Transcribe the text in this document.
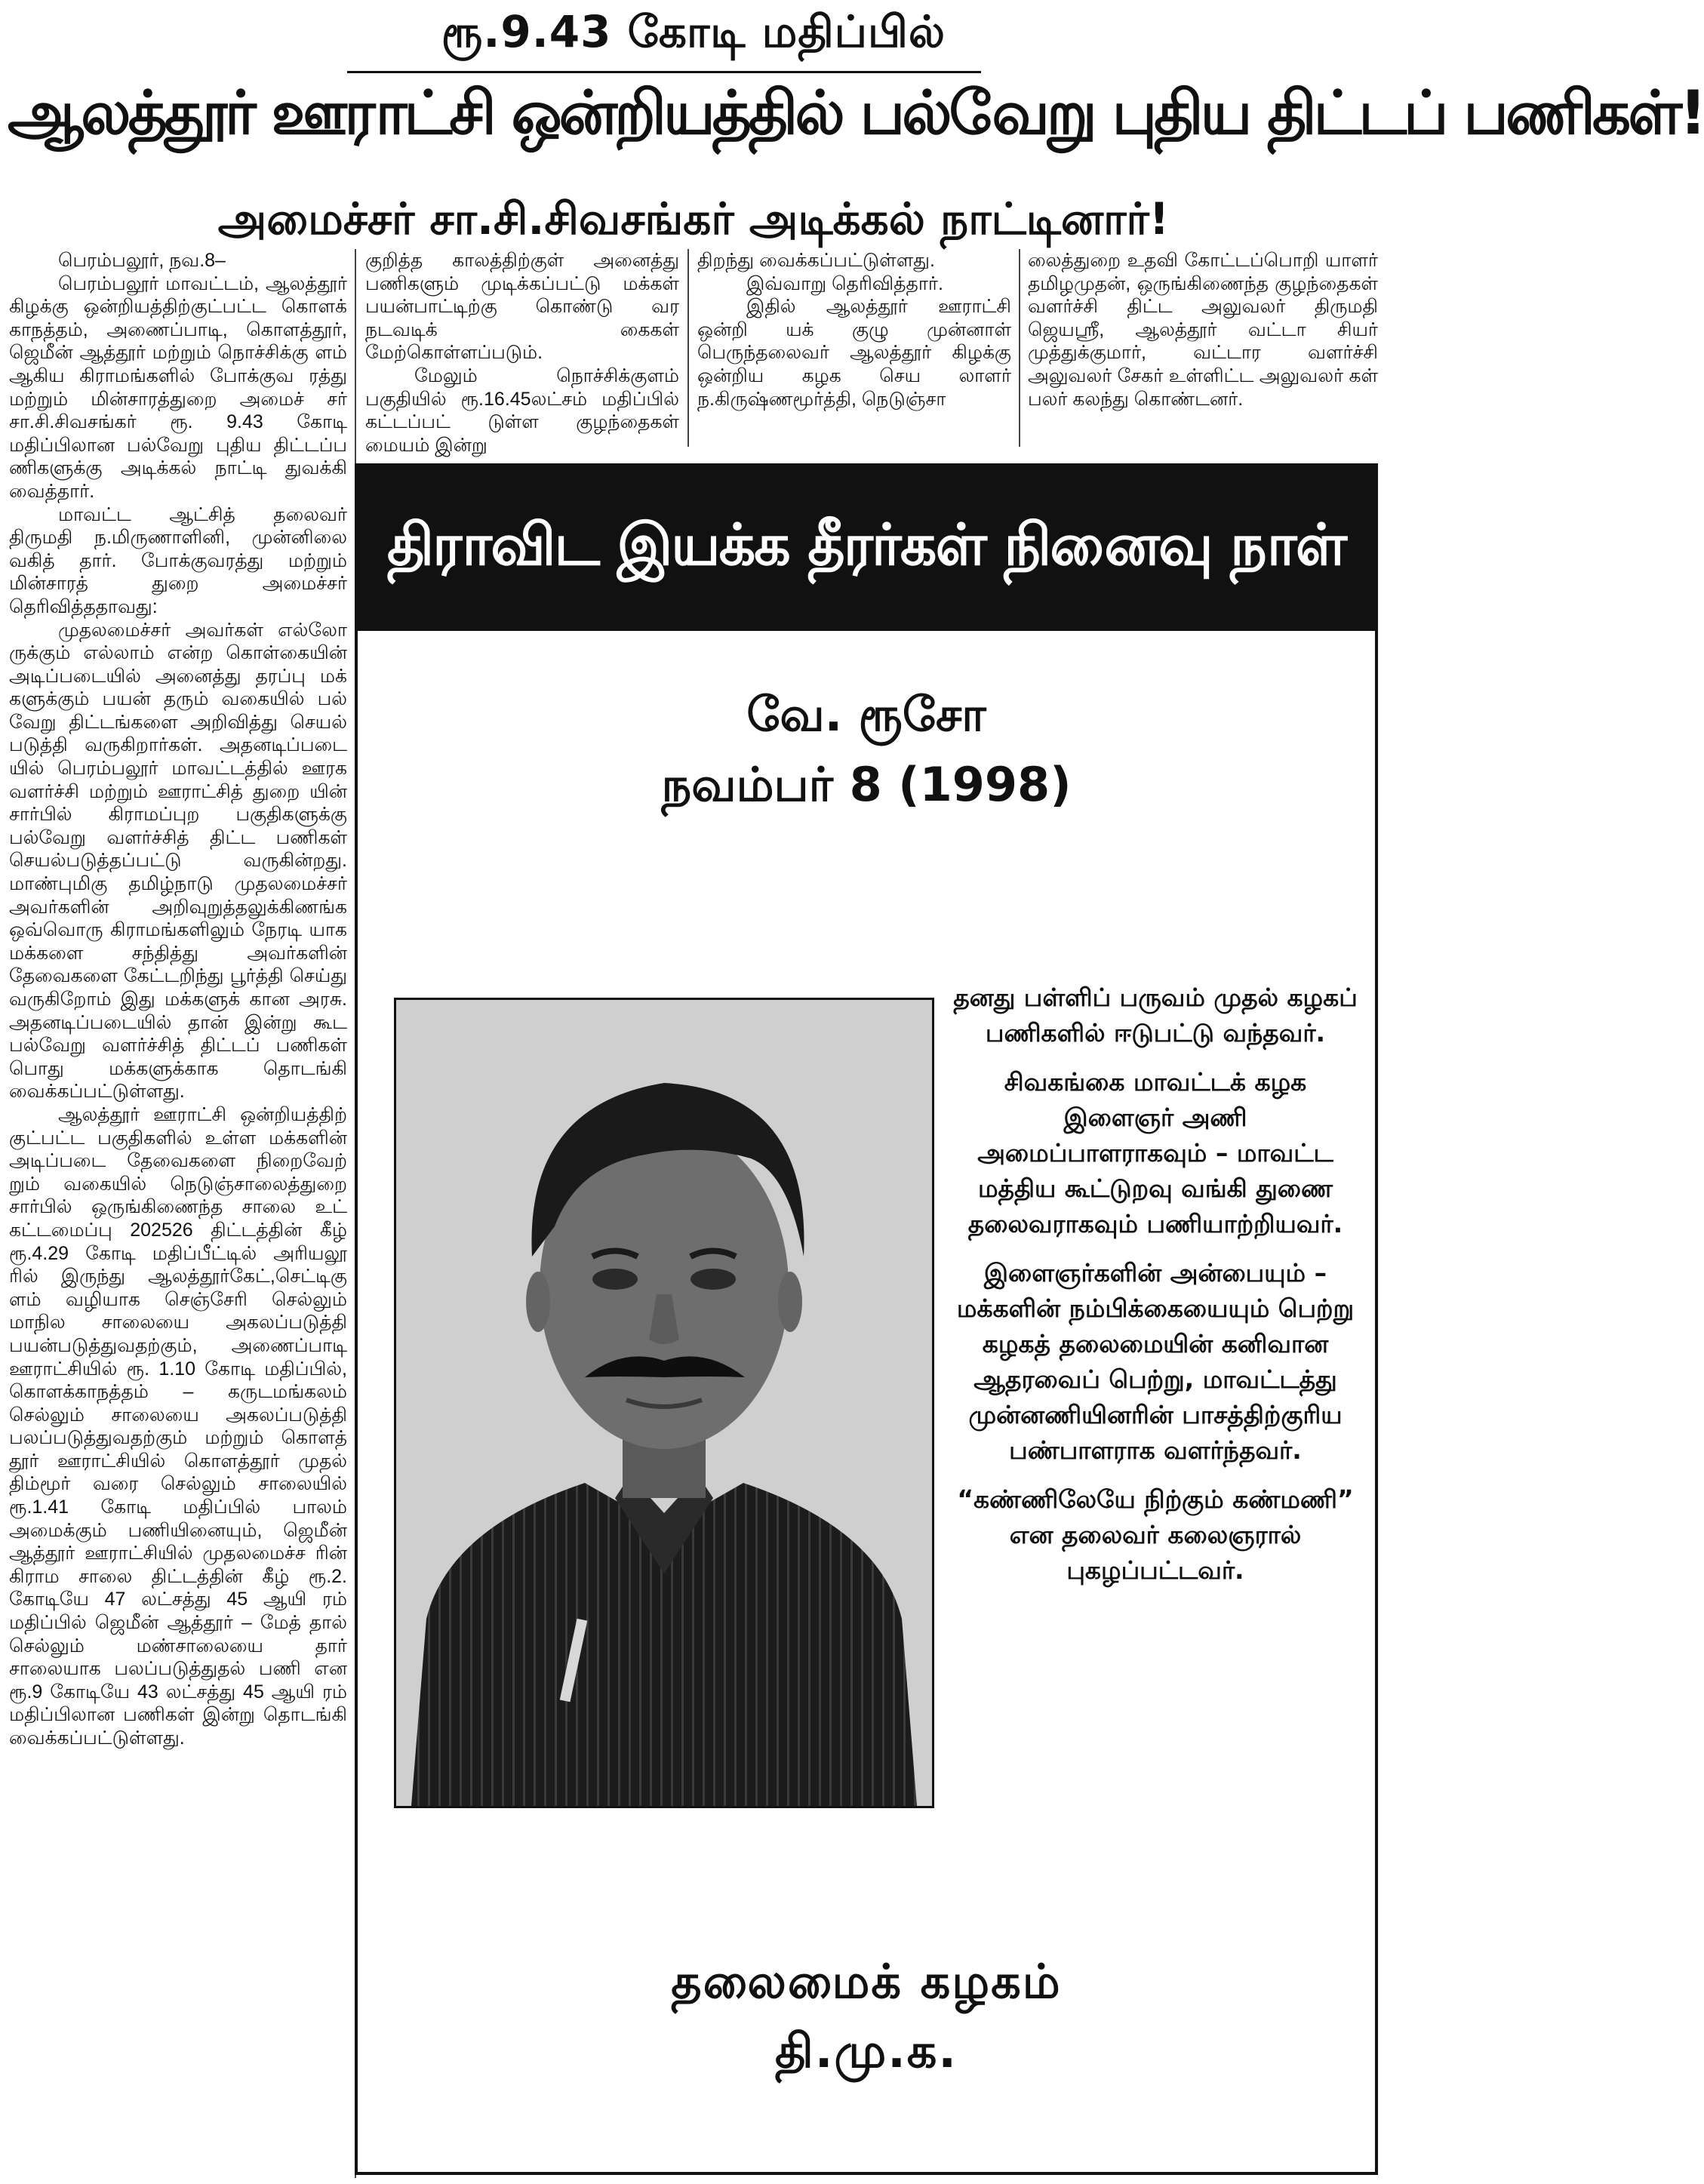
ரூ.9.43 கோடி மதிப்பில்
ஆலத்தூர் ஊராட்சி ஒன்றியத்தில் பல்வேறு புதிய திட்டப் பணிகள்!
அமைச்சர் சா.சி.சிவசங்கர் அடிக்கல் நாட்டினார்!

பெரம்பலூர், நவ.8–

பெரம்பலூர் மாவட்டம், ஆலத்தூர் கிழக்கு ஒன்றியத்திற்குட்பட்ட கொளக் காநத்தம், அணைப்பாடி, கொளத்தூர், ஜெமீன் ஆத்தூர் மற்றும் நொச்சிக்கு ளம் ஆகிய கிராமங்களில் போக்குவ ரத்து மற்றும் மின்சாரத்துறை அமைச் சர் சா.சி.சிவசங்கர் ரூ. 9.43 கோடி மதிப்பிலான பல்வேறு புதிய திட்டப்ப ணிகளுக்கு அடிக்கல் நாட்டி துவக்கி வைத்தார்.

மாவட்ட ஆட்சித் தலைவர் திருமதி ந.மிருணாளினி, முன்னிலை வகித் தார். போக்குவரத்து மற்றும் மின்சாரத் துறை அமைச்சர் தெரிவித்ததாவது:

முதலமைச்சர் அவர்கள் எல்லோ ருக்கும் எல்லாம் என்ற கொள்கையின் அடிப்படையில் அனைத்து தரப்பு மக் களுக்கும் பயன் தரும் வகையில் பல் வேறு திட்டங்களை அறிவித்து செயல் படுத்தி வருகிறார்கள். அதனடிப்படை யில் பெரம்பலூர் மாவட்டத்தில் ஊரக வளர்ச்சி மற்றும் ஊராட்சித் துறை யின் சார்பில் கிராமப்புற பகுதிகளுக்கு பல்வேறு வளர்ச்சித் திட்ட பணிகள் செயல்படுத்தப்பட்டு வருகின்றது. மாண்புமிகு தமிழ்நாடு முதலமைச்சர் அவர்களின் அறிவுறுத்தலுக்கிணங்க ஒவ்வொரு கிராமங்களிலும் நேரடி யாக மக்களை சந்தித்து அவர்களின் தேவைகளை கேட்டறிந்து பூர்த்தி செய்து வருகிறோம் இது மக்களுக் கான அரசு. அதனடிப்படையில் தான் இன்று கூட பல்வேறு வளர்ச்சித் திட்டப் பணிகள் பொது மக்களுக்காக தொடங்கி வைக்கப்பட்டுள்ளது.

ஆலத்தூர் ஊராட்சி ஒன்றியத்திற் குட்பட்ட பகுதிகளில் உள்ள மக்களின் அடிப்படை தேவைகளை நிறைவேற் றும் வகையில் நெடுஞ்சாலைத்துறை சார்பில் ஒருங்கிணைந்த சாலை உட் கட்டமைப்பு 202526 திட்டத்தின் கீழ் ரூ.4.29 கோடி மதிப்பீட்டில் அரியலூ ரில் இருந்து ஆலத்தூர்கேட்,செட்டிகு ளம் வழியாக செஞ்சேரி செல்லும் மாநில சாலையை அகலப்படுத்தி பயன்படுத்துவதற்கும், அணைப்பாடி ஊராட்சியில் ரூ. 1.10 கோடி மதிப்பில், கொளக்காநத்தம் – கருடமங்கலம் செல்லும் சாலையை அகலப்படுத்தி பலப்படுத்துவதற்கும் மற்றும் கொளத் தூர் ஊராட்சியில் கொளத்தூர் முதல் திம்மூர் வரை செல்லும் சாலையில் ரூ.1.41 கோடி மதிப்பில் பாலம் அமைக்கும் பணியினையும், ஜெமீன் ஆத்தூர் ஊராட்சியில் முதலமைச்ச ரின் கிராம சாலை திட்டத்தின் கீழ் ரூ.2. கோடியே 47 லட்சத்து 45 ஆயி ரம் மதிப்பில் ஜெமீன் ஆத்தூர் – மேத் தால் செல்லும் மண்சாலையை தார் சாலையாக பலப்படுத்துதல் பணி என ரூ.9 கோடியே 43 லட்சத்து 45 ஆயி ரம் மதிப்பிலான பணிகள் இன்று தொடங்கி வைக்கப்பட்டுள்ளது.

குறித்த காலத்திற்குள் அனைத்து பணிகளும் முடிக்கப்பட்டு மக்கள் பயன்பாட்டிற்கு கொண்டு வர நடவடிக் கைகள் மேற்கொள்ளப்படும்.

மேலும் நொச்சிக்குளம் பகுதியில் ரூ.16.45லட்சம் மதிப்பில் கட்டப்பட் டுள்ள குழந்தைகள் மையம் இன்று

திறந்து வைக்கப்பட்டுள்ளது.

இவ்வாறு தெரிவித்தார்.

இதில் ஆலத்தூர் ஊராட்சி ஒன்றி யக் குழு முன்னாள் பெருந்தலைவர் ஆலத்தூர் கிழக்கு ஒன்றிய கழக செய லாளர் ந.கிருஷ்ணமூர்த்தி, நெடுஞ்சா

லைத்துறை உதவி கோட்டப்பொறி யாளர் தமிழமுதன், ஒருங்கிணைந்த குழந்தைகள் வளர்ச்சி திட்ட அலுவலர் திருமதி ஜெயஸ்ரீ, ஆலத்தூர் வட்டா சியர் முத்துக்குமார், வட்டார வளர்ச்சி அலுவலர் சேகர் உள்ளிட்ட அலுவலர் கள் பலர் கலந்து கொண்டனர்.

திராவிட இயக்க தீரர்கள் நினைவு நாள்
வே. ரூசோ
நவம்பர் 8 (1998)

தனது பள்ளிப் பருவம் முதல் கழகப் பணிகளில் ஈடுபட்டு வந்தவர்.

சிவகங்கை மாவட்டக் கழக இளைஞர் அணி அமைப்பாளராகவும் – மாவட்ட மத்திய கூட்டுறவு வங்கி துணை தலைவராகவும் பணியாற்றியவர்.

இளைஞர்களின் அன்பையும் – மக்களின் நம்பிக்கையையும் பெற்று கழகத் தலைமையின் கனிவான ஆதரவைப் பெற்று, மாவட்டத்து முன்னணியினரின் பாசத்திற்குரிய பண்பாளராக வளர்ந்தவர்.

“கண்ணிலேயே நிற்கும் கண்மணி” என தலைவர் கலைஞரால் புகழப்பட்டவர்.

தலைமைக் கழகம்
தி.மு.க.
